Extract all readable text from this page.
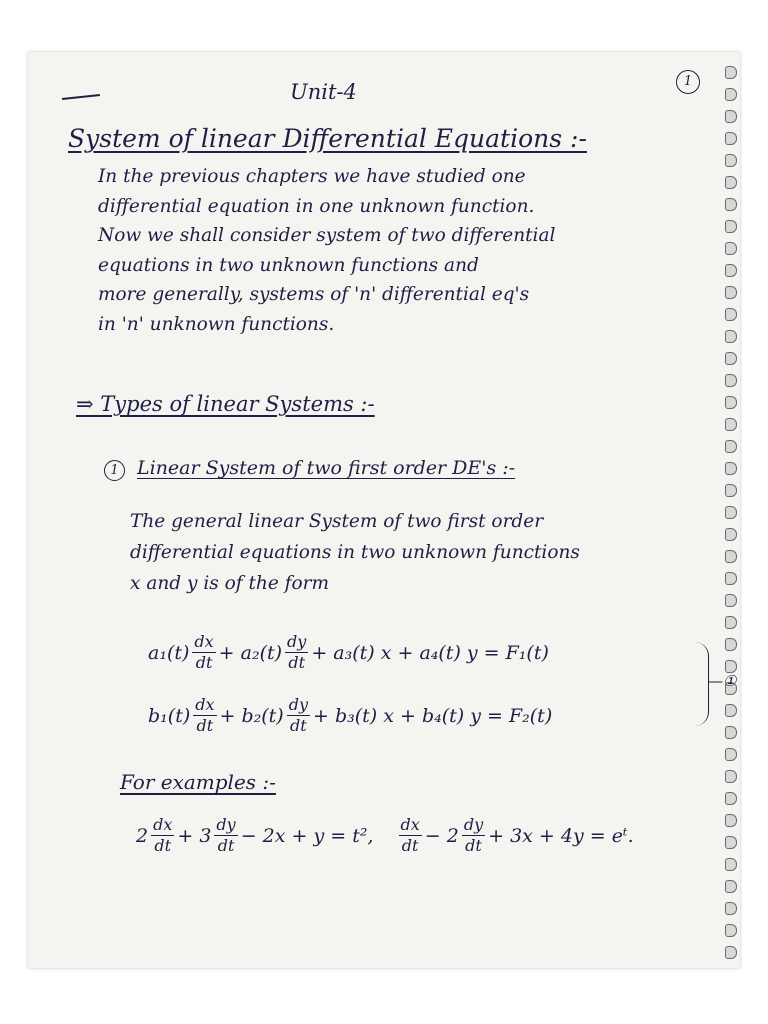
1
Unit-4
System of linear Differential Equations :-
In the previous chapters we have studied one
differential equation in one unknown function.
Now we shall consider system of two differential
equations in two unknown functions and
more generally, systems of 'n' differential eq's
in 'n' unknown functions.
⇒ Types of linear Systems :-
1 Linear System of two first order DE's :-
The general linear System of two first order
differential equations in two unknown functions
x and y is of the form
$a_1(t) \frac{dx}{dt} + a_2(t) \frac{dy}{dt} + a_3(t) x + a_4(t) y = F_1(t)$
$b_1(t) \frac{dx}{dt} + b_2(t) \frac{dy}{dt} + b_3(t) x + b_4(t) y = F_2(t)$
—①
For examples :-
$2 \frac{dx}{dt} + 3 \frac{dy}{dt} - 2x + y = t^2$, $\frac{dx}{dt} - 2 \frac{dy}{dt} + 3x + 4y$ = eᵗ.
